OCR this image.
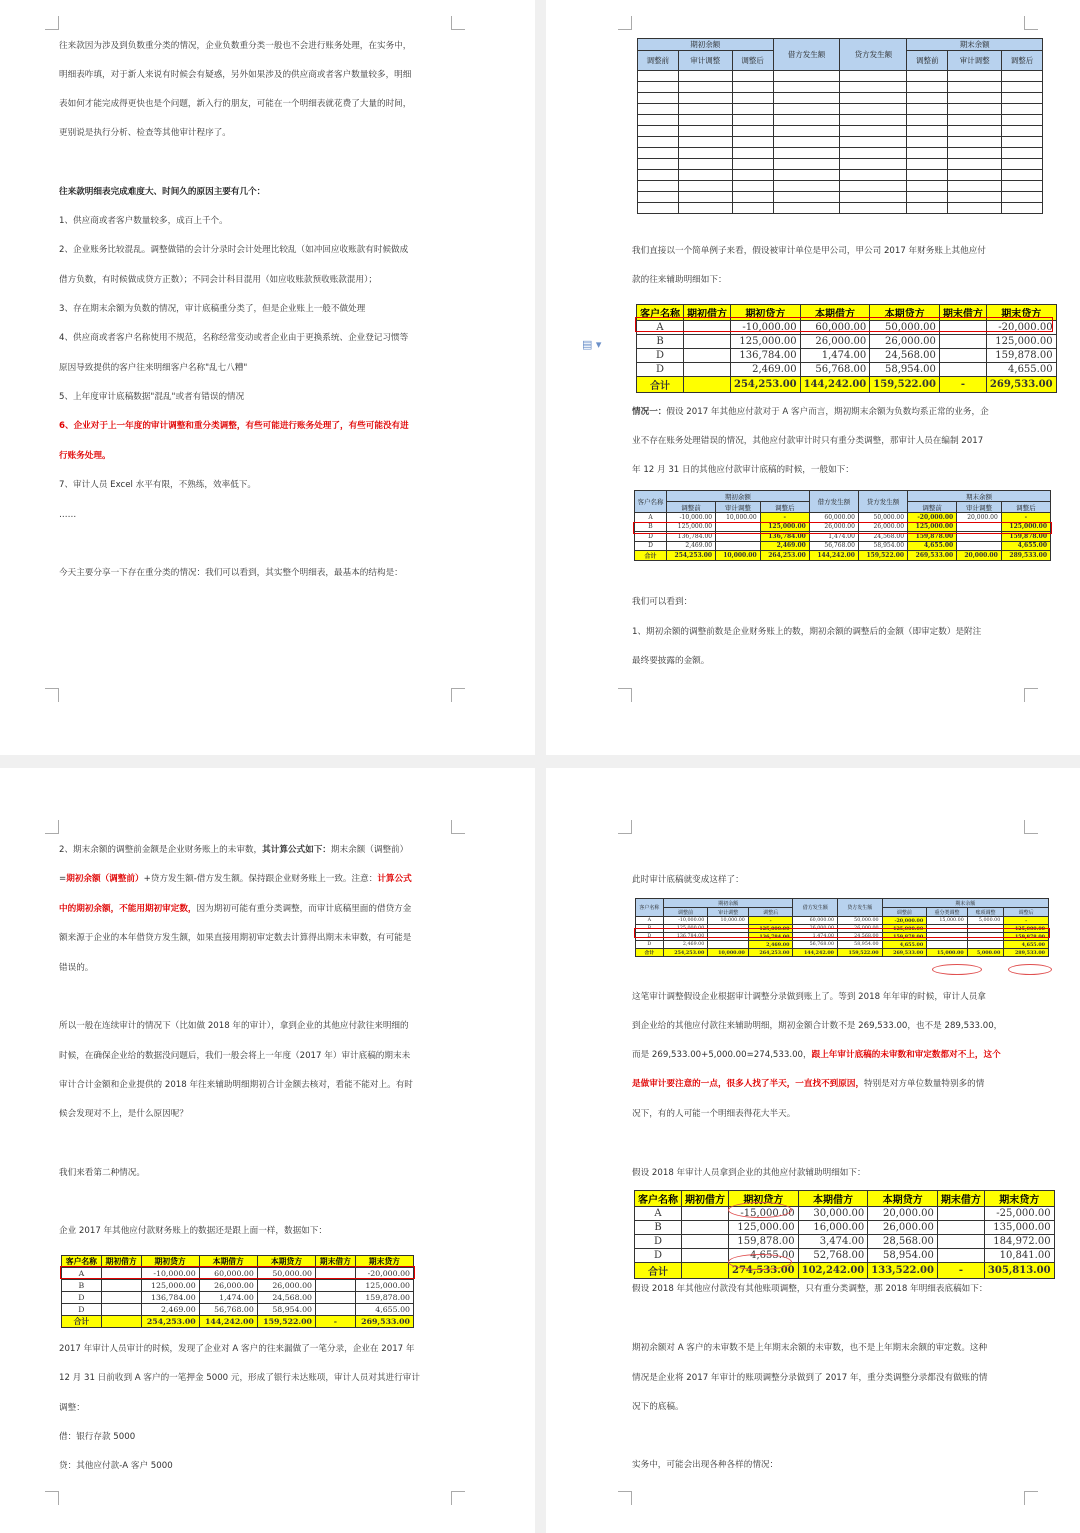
往来款因为涉及到负数重分类的情况，企业负数重分类一般也不会进行账务处理，在实务中，
明细表咋填，对于新人来说有时候会有疑惑，另外如果涉及的供应商或者客户数量较多，明细
表如何才能完成得更快也是个问题，新入行的朋友，可能在一个明细表就花费了大量的时间，
更别说是执行分析、检查等其他审计程序了。
往来款明细表完成难度大、时间久的原因主要有几个：
1、供应商或者客户数量较多，成百上千个。
2、企业账务比较混乱。调整做错的会计分录时会计处理比较乱（如冲回应收账款有时候做成
借方负数，有时候做成贷方正数）；不同会计科目混用（如应收账款预收账款混用）；
3、存在期末余额为负数的情况，审计底稿重分类了，但是企业账上一般不做处理
4、供应商或者客户名称使用不规范，名称经常变动或者企业由于更换系统、企业登记习惯等
原因导致提供的客户往来明细客户名称"乱七八糟"
5、上年度审计底稿数据"混乱"或者有错误的情况
6、企业对于上一年度的审计调整和重分类调整，有些可能进行账务处理了，有些可能没有进
行账务处理。
7、审计人员 Excel 水平有限，不熟练，效率低下。
……
今天主要分享一下存在重分类的情况：我们可以看到，其实整个明细表，最基本的结构是：
期初余额			借方发生额	贷方发生额	期末余额		
调整前	审计调整	调整后			调整前	审计调整	调整后

我们直接以一个简单例子来看，假设被审计单位是甲公司，甲公司 2017 年财务账上其他应付
款的往来辅助明细如下：
客户名称	期初借方	期初贷方	本期借方	本期贷方	期末借方	期末贷方
A		-10,000.00	60,000.00	50,000.00		-20,000.00
B		125,000.00	26,000.00	26,000.00		125,000.00
D		136,784.00	1,474.00	24,568.00		159,878.00
D		2,469.00	56,768.00	58,954.00		4,655.00
合计		254,253.00	144,242.00	159,522.00	-	269,533.00
情况一：假设 2017 年其他应付款对于 A 客户而言，期初期末余额为负数均系正常的业务，企
业不存在账务处理错误的情况，其他应付款审计时只有重分类调整，那审计人员在编制 2017
年 12 月 31 日的其他应付款审计底稿的时候，一般如下：
客户名称	期初余额			借方发生额	贷方发生额	期末余额		
	调整前	审计调整	调整后			调整前	审计调整	调整后
A	-10,000.00	10,000.00	-	60,000.00	50,000.00	-20,000.00	20,000.00	-
B	125,000.00		125,000.00	26,000.00	26,000.00	125,000.00		125,000.00
D	136,784.00		136,784.00	1,474.00	24,568.00	159,878.00		159,878.00
D	2,469.00		2,469.00	56,768.00	58,954.00	4,655.00		4,655.00
合计	254,253.00	10,000.00	264,253.00	144,242.00	159,522.00	269,533.00	20,000.00	289,533.00
我们可以看到：
1、期初余额的调整前数是企业财务账上的数，期初余额的调整后的金额（即审定数）是附注
最终要披露的金额。
▤ ▾
2、期末余额的调整前金额是企业财务账上的未审数，其计算公式如下：期末余额（调整前）
=期初余额（调整前）+贷方发生额-借方发生额。保持跟企业财务账上一致。注意：计算公式
中的期初余额，不能用期初审定数，因为期初可能有重分类调整，而审计底稿里面的借贷方金
额来源于企业的本年借贷方发生额，如果直接用期初审定数去计算得出期末未审数，有可能是
错误的。
所以一般在连续审计的情况下（比如做 2018 年的审计），拿到企业的其他应付款往来明细的
时候，在确保企业给的数据没问题后，我们一般会将上一年度（2017 年）审计底稿的期末未
审计合计金额和企业提供的 2018 年往来辅助明细期初合计金额去核对，看能不能对上。有时
候会发现对不上，是什么原因呢？
我们来看第二种情况。
企业 2017 年其他应付款财务账上的数据还是跟上面一样，数据如下：
客户名称	期初借方	期初贷方	本期借方	本期贷方	期末借方	期末贷方
A		-10,000.00	60,000.00	50,000.00		-20,000.00
B		125,000.00	26,000.00	26,000.00		125,000.00
D		136,784.00	1,474.00	24,568.00		159,878.00
D		2,469.00	56,768.00	58,954.00		4,655.00
合计		254,253.00	144,242.00	159,522.00	-	269,533.00
2017 年审计人员审计的时候，发现了企业对 A 客户的往来漏做了一笔分录，企业在 2017 年
12 月 31 日前收到 A 客户的一笔押金 5000 元，形成了银行未达账项，审计人员对其进行审计
调整：
借：银行存款 5000
贷：其他应付款-A 客户 5000
此时审计底稿就变成这样了：
客户名称	期初余额			借方发生额	贷方发生额	期末余额			
	调整前	审计调整	调整后			调整前	重分类调整	账项调整	调整后
A	-10,000.00	10,000.00	-	60,000.00	50,000.00	-20,000.00	15,000.00	5,000.00	-
B	125,000.00		125,000.00	26,000.00	26,000.00	125,000.00			125,000.00
D	136,784.00		136,784.00	1,474.00	24,568.00	159,878.00			159,878.00
D	2,469.00		2,469.00	56,768.00	58,954.00	4,655.00			4,655.00
合计	254,253.00	10,000.00	264,253.00	144,242.00	159,522.00	269,533.00	15,000.00	5,000.00	289,533.00
这笔审计调整假设企业根据审计调整分录做到账上了。等到 2018 年年审的时候，审计人员拿
到企业给的其他应付款往来辅助明细，期初金额合计数不是 269,533.00，也不是 289,533.00，
而是 269,533.00+5,000.00=274,533.00，跟上年审计底稿的未审数和审定数都对不上，这个
是做审计要注意的一点，很多人找了半天，一直找不到原因，特别是对方单位数量特别多的情
况下，有的人可能一个明细表得花大半天。
假设 2018 年审计人员拿到企业的其他应付款辅助明细如下：
客户名称	期初借方	期初贷方	本期借方	本期贷方	期末借方	期末贷方
A		-15,000.00	30,000.00	20,000.00		-25,000.00
B		125,000.00	16,000.00	26,000.00		135,000.00
D		159,878.00	3,474.00	28,568.00		184,972.00
D		4,655.00	52,768.00	58,954.00		10,841.00
合计		274,533.00	102,242.00	133,522.00	-	305,813.00
假设 2018 年其他应付款没有其他账项调整，只有重分类调整，那 2018 年明细表底稿如下：
期初余额对 A 客户的未审数不是上年期末余额的未审数，也不是上年期末余额的审定数。这种
情况是企业将 2017 年审计的账项调整分录做到了 2017 年，重分类调整分录都没有做账的情
况下的底稿。
实务中，可能会出现各种各样的情况：
